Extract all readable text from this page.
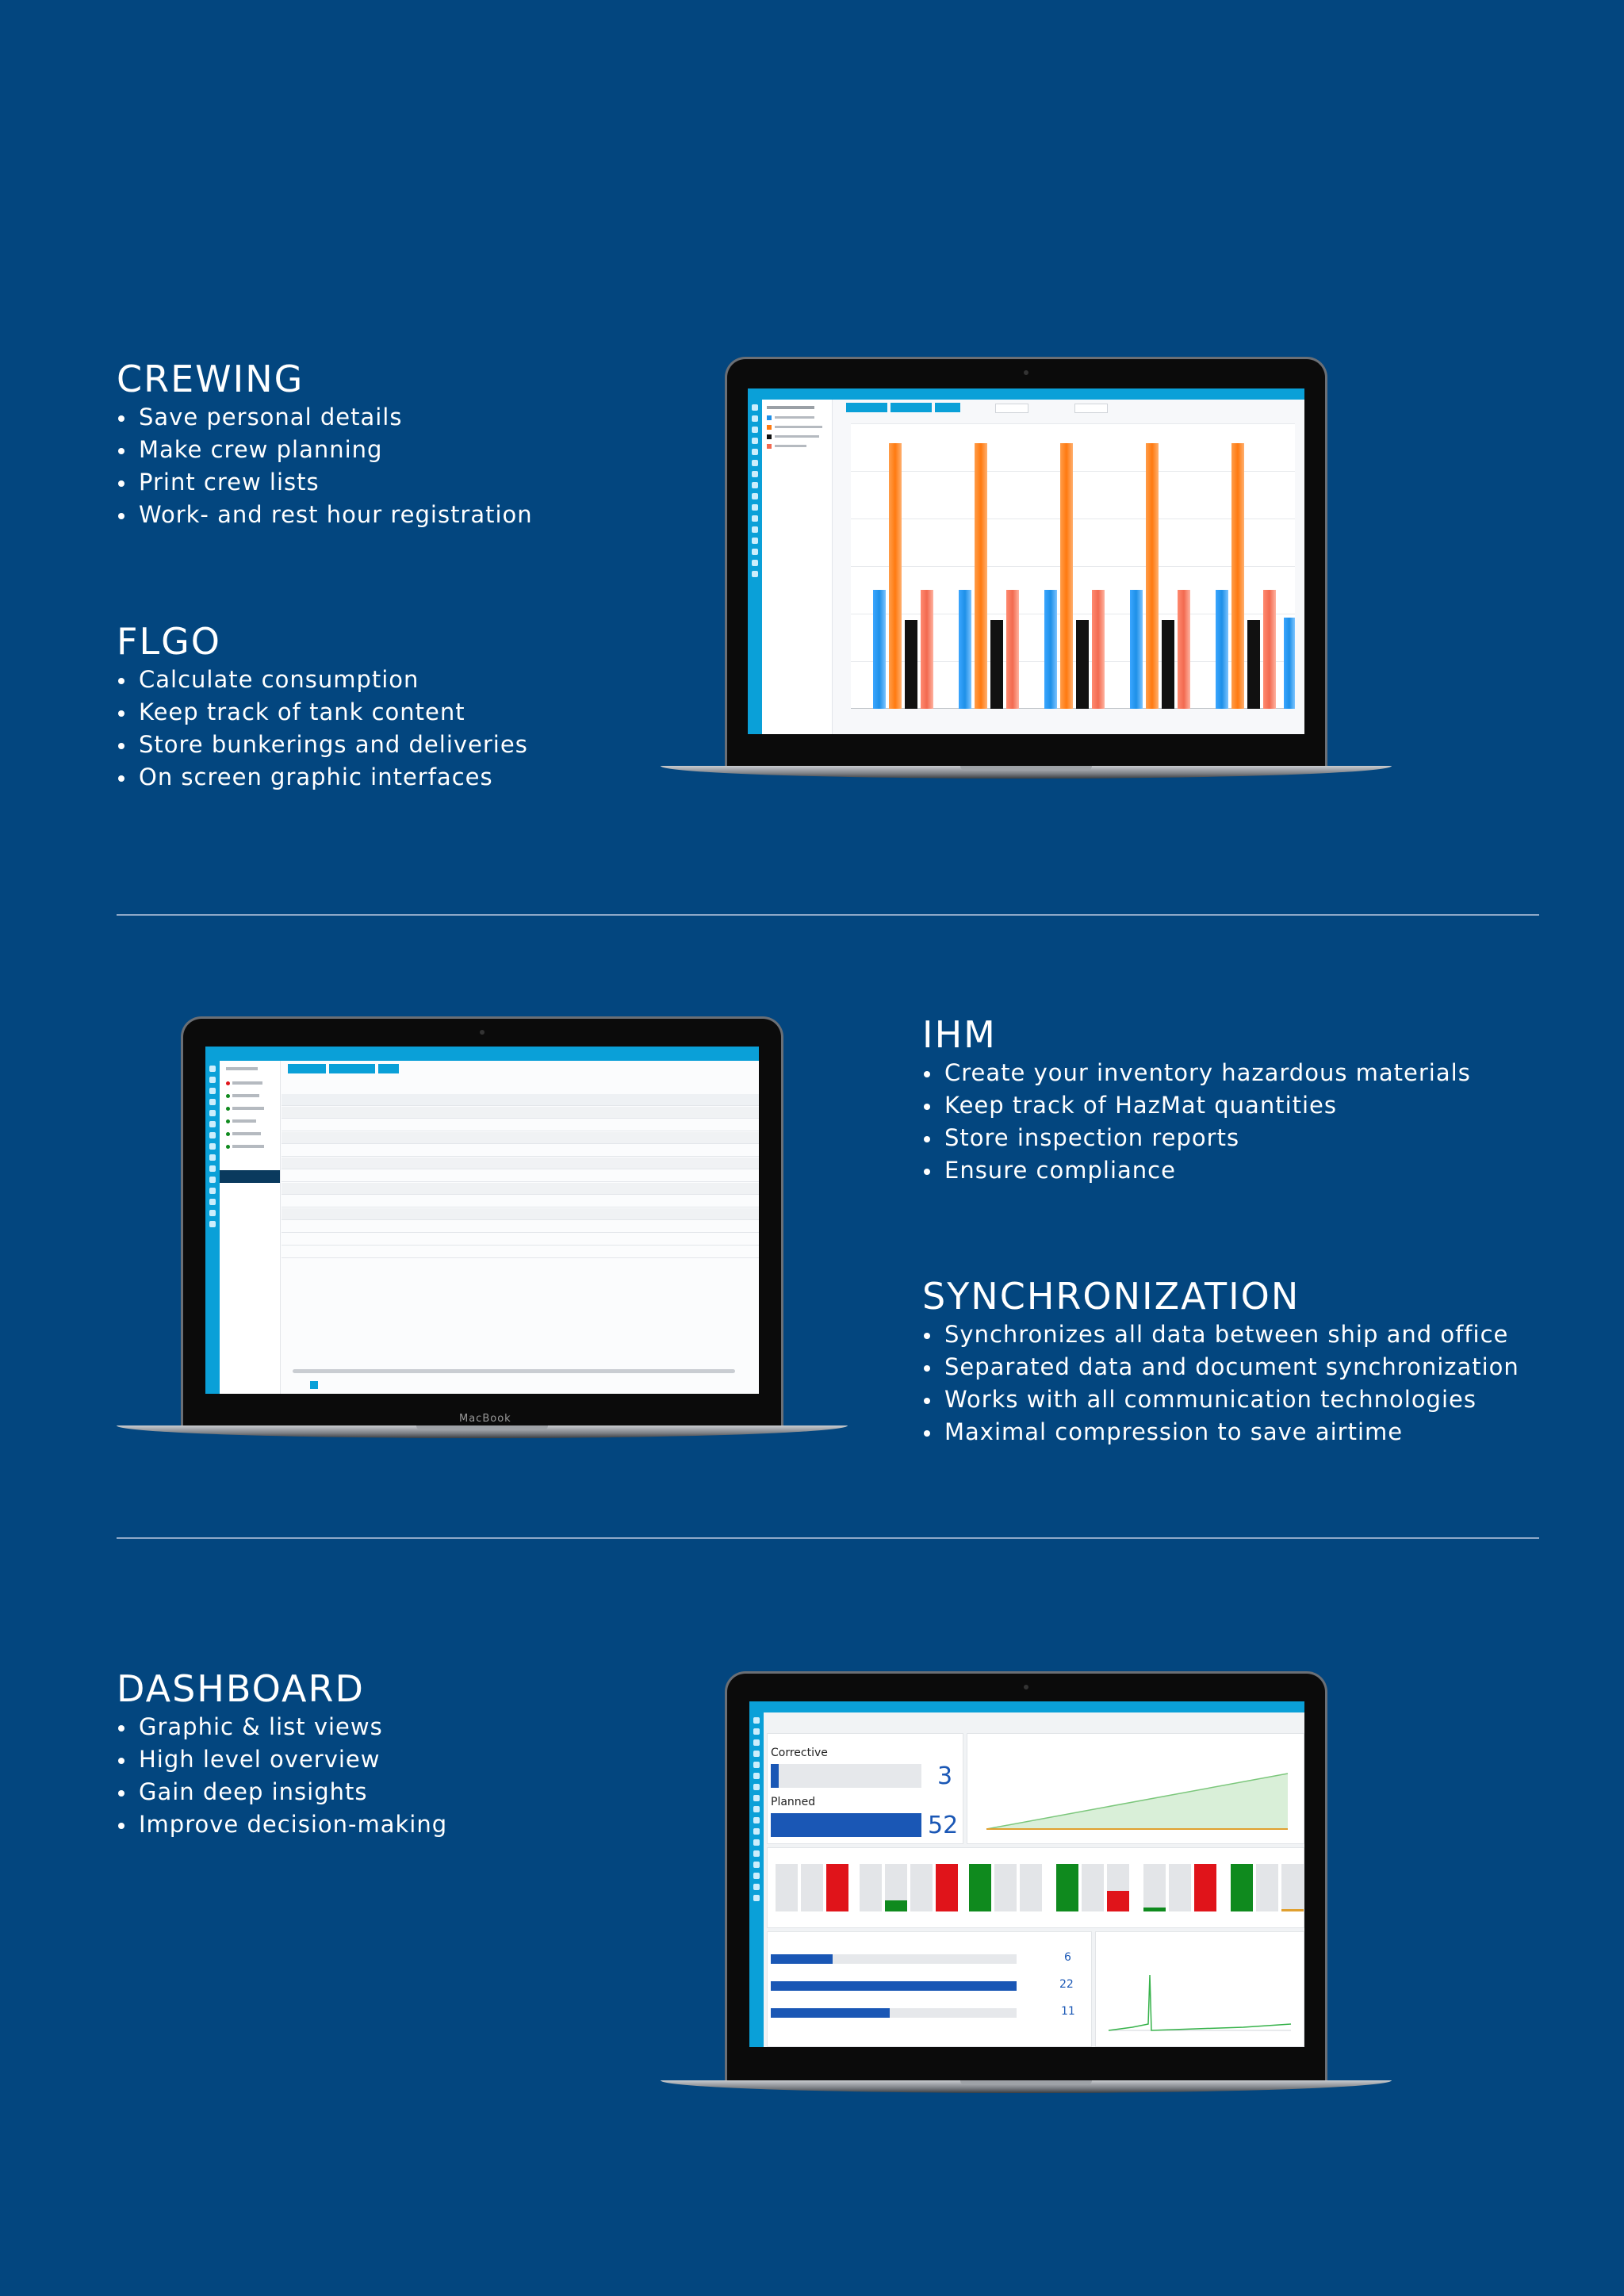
CREWING
Save personal details
Make crew planning
Print crew lists
Work- and rest hour registration
FLGO
Calculate consumption
Keep track of tank content
Store bunkerings and deliveries
On screen graphic interfaces
MacBook
IHM
Create your inventory hazardous materials
Keep track of HazMat quantities
Store inspection reports
Ensure compliance
SYNCHRONIZATION
Synchronizes all data between ship and office
Separated data and document synchronization
Works with all communication technologies
Maximal compression to save airtime
DASHBOARD
Graphic & list views
High level overview
Gain deep insights
Improve decision-making
Corrective
3
Planned
52
6
22
11
